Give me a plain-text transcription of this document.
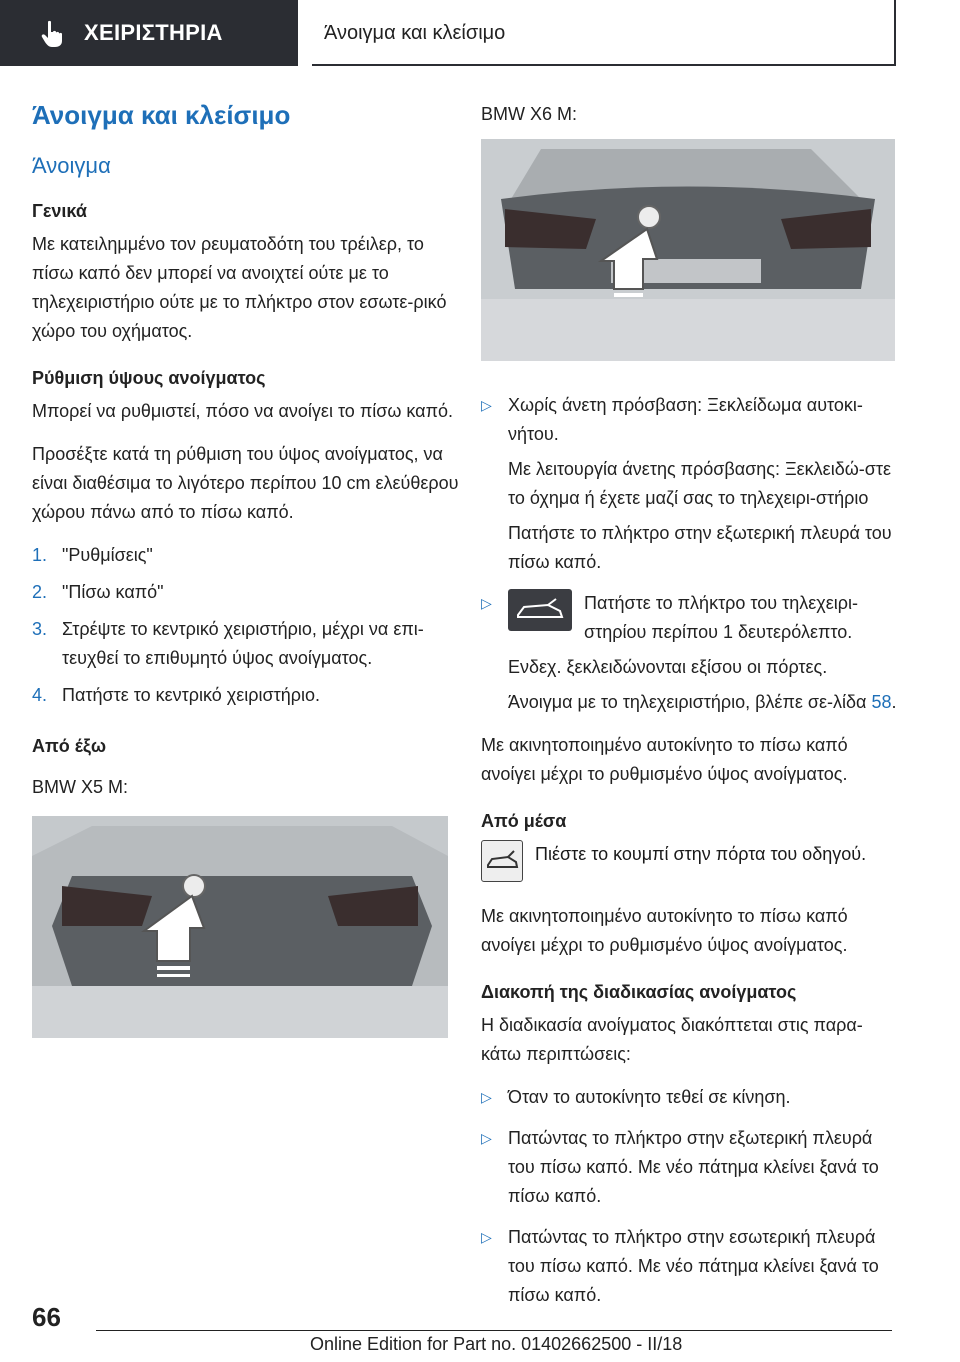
ΧΕΙΡΙΣΤΗΡΙΑ	Άνοιγμα και κλείσιμο
Άνοιγμα και κλείσιμο
Άνοιγμα
Γενικά

Με κατειλημμένο τον ρευματοδότη του τρέιλερ, το πίσω καπό δεν μπορεί να ανοιχτεί ούτε με το τηλεχειριστήριο ούτε με το πλήκτρο στον εσωτε-ρικό χώρο του οχήματος.

Ρύθμιση ύψους ανοίγματος

Μπορεί να ρυθμιστεί, πόσο να ανοίγει το πίσω καπό.

Προσέξτε κατά τη ρύθμιση του ύψος ανοίγματος, να είναι διαθέσιμα το λιγότερο περίπου 10 cm ελεύθερου χώρου πάνω από το πίσω καπό.

1. "Ρυθμίσεις"
2. "Πίσω καπό"
3. Στρέψτε το κεντρικό χειριστήριο, μέχρι να επι-τευχθεί το επιθυμητό ύψος ανοίγματος.
4. Πατήστε το κεντρικό χειριστήριο.
Από έξω

BMW X5 M:

BMW X6 M:

▷ Χωρίς άνετη πρόσβαση: Ξεκλείδωμα αυτοκι-νήτου.

Με λειτουργία άνετης πρόσβασης: Ξεκλειδώ-στε το όχημα ή έχετε μαζί σας το τηλεχειρι-στήριο

Πατήστε το πλήκτρο στην εξωτερική πλευρά του πίσω καπό.

▷	Πατήστε το πλήκτρο του τηλεχειρι-στηρίου περίπου 1 δευτερόλεπτο.

Ενδεχ. ξεκλειδώνονται εξίσου οι πόρτες.

Άνοιγμα με το τηλεχειριστήριο, βλέπε σε-λίδα 58.

Με ακινητοποιημένο αυτοκίνητο το πίσω καπό ανοίγει μέχρι το ρυθμισμένο ύψος ανοίγματος.

Από μέσα
Πιέστε το κουμπί στην πόρτα του οδηγού.

Με ακινητοποιημένο αυτοκίνητο το πίσω καπό ανοίγει μέχρι το ρυθμισμένο ύψος ανοίγματος.

Διακοπή της διαδικασίας ανοίγματος

Η διαδικασία ανοίγματος διακόπτεται στις παρα-κάτω περιπτώσεις:

▷ Όταν το αυτοκίνητο τεθεί σε κίνηση.
▷ Πατώντας το πλήκτρο στην εξωτερική πλευρά του πίσω καπό. Με νέο πάτημα κλείνει ξανά το πίσω καπό.
▷ Πατώντας το πλήκτρο στην εσωτερική πλευρά του πίσω καπό. Με νέο πάτημα κλείνει ξανά το πίσω καπό.
66
Online Edition for Part no. 01402662500 - II/18
